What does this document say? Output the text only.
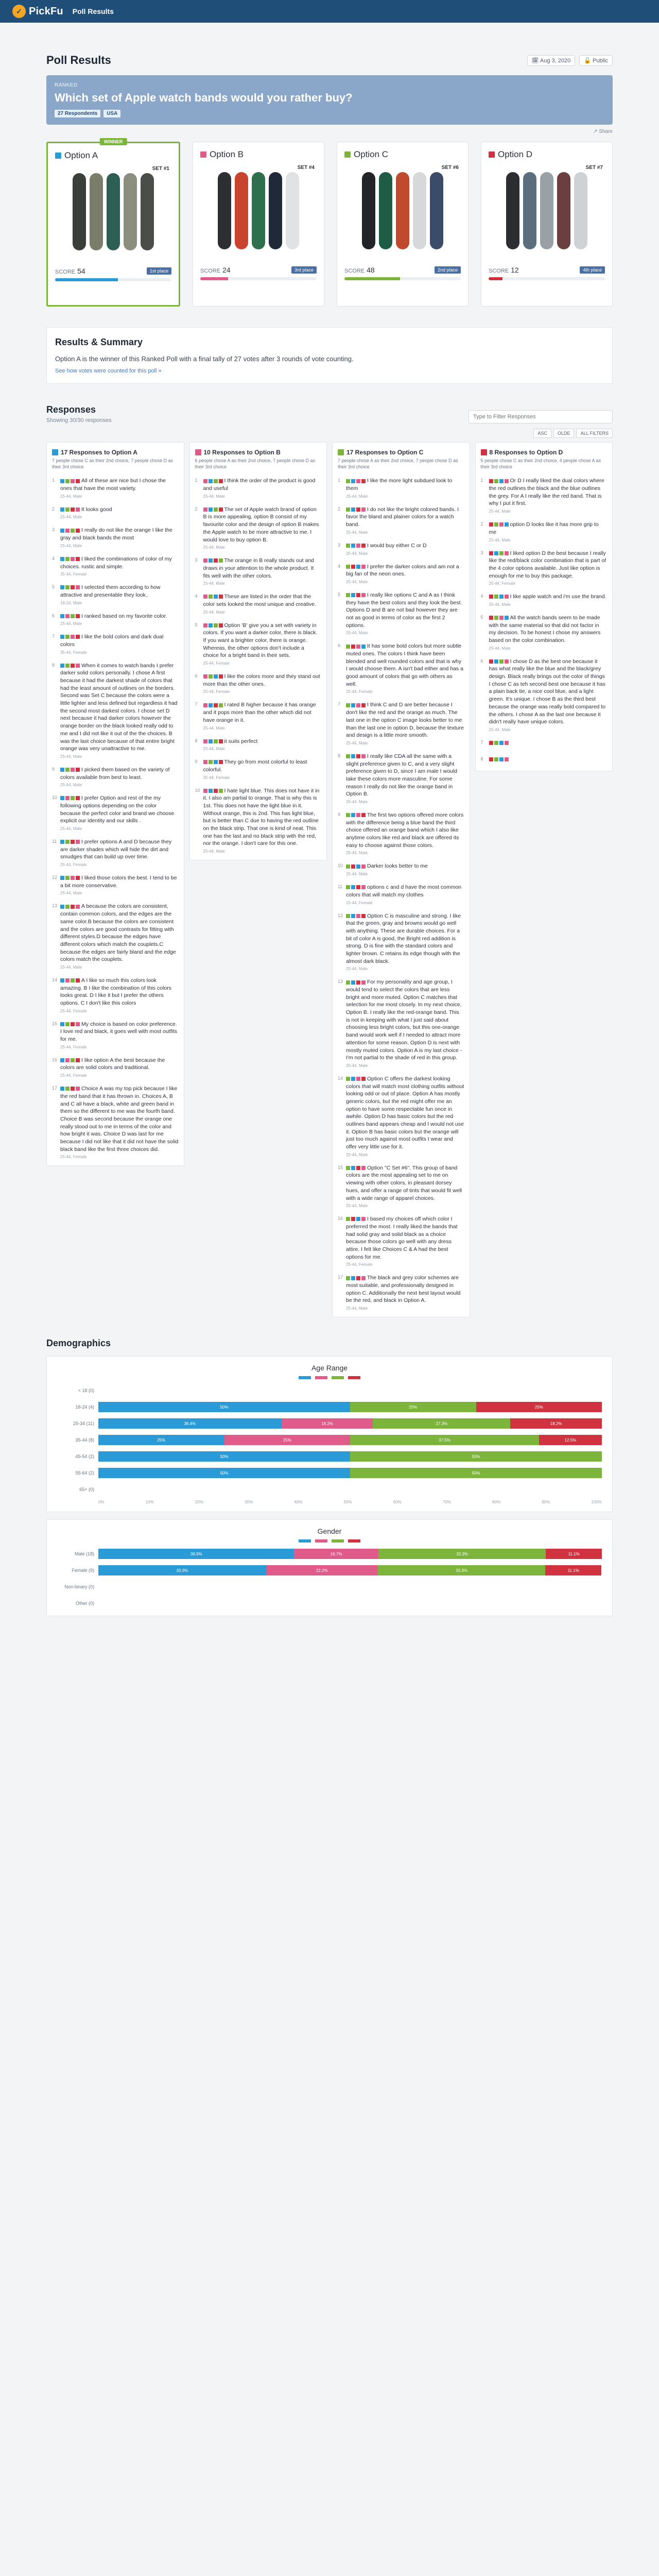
✓ PickFu Poll Results
Poll Results	🗓 Aug 3, 2020	🔓 Public
RANKED
Which set of Apple watch bands would you rather buy?
27 Respondents	USA
↗ Share
WINNER
Option A
SET #1
SCORE 54	1st place
Option B
SET #4
SCORE 24	3rd place
Option C
SET #6
SCORE 48	2nd place
Option D
SET #7
SCORE 12	4th place
Results & Summary
Option A is the winner of this Ranked Poll with a final tally of 27 votes after 3 rounds of vote counting.
See how votes were counted for this poll »
Responses
Showing 30/30 responses
Type to Filter Responses
ASC	OLDE	ALL FILTERS
17 Responses to Option A
7 people chose C as their 2nd choice, 7 people chose D as their 3rd choice
1	All of these are nice but I chose the ones that have the most variety.
25-44, Male
2	It looks good
25-44, Male
3	I really do not like the orange I like the gray and black bands the most
25-44, Male
4	I liked the combinations of color of my choices. rustic and simple.
35-44, Female
5	I selected them according to how attractive and presentable they look..
18-24, Male
6	I ranked based on my favorite color.
25-44, Male
7	I like the bold colors and dark dual colors
35-44, Female
8	When it comes to watch bands I prefer darker solid colors personally. I chose A first because it had the darkest shade of colors that had the least amount of outlines on the borders. Second was Set C because the colors were a little lighter and less defined but regardless it had the second most darkest colors. I chose set D next because it had darker colors however the orange border on the black looked really odd to me and I did not like it out of the the choices. B was the last choice because of that entire bright orange was very unattractive to me.
25-44, Male
9	I picked them based on the variety of colors available from best to least.
25-44, Male
10	I prefer Option and rest of the my following options depending on the color because the perfect color and brand we choose explicit our identity and our skills .
25-44, Male
11	I prefer options A and D because they are darker shades which will hide the dirt and smudges that can build up over time.
25-44, Female
12	I liked those colors the best. I tend to be a bit more conservative.
25-44, Male
13	A because the colors are consistent, contain common colors, and the edges are the same color.B because the colors are consistent and the colors are good contrasts for fitting with different styles.D because the edges have different colors which match the couplets.C because the edges are fairly bland and the edge colors match the couplets.
25-44, Male
14	A I like so much this colors look amazing. B I like the combination of this colors looks great. D I like it but I prefer the others options. C I don't like this colors
25-44, Female
15	My choice is based on color preference. I love red and black, it goes well with most outfits for me.
25-44, Female
16	I like option A the best because the colors are solid colors and traditional.
25-44, Female
17	Choice A was my top pick because I like the red band that it has thrown in. Choices A, B and C all have a black, white and green band in them so the different to me was the fourth band. Choice B was second because the orange one really stood out to me in terms of the color and how bright it was. Choice D was last for me because I did not like that it did not have the solid black band like the first three choices did.
25-44, Female
10 Responses to Option B
6 people chose A as their 2nd choice, 7 people chose D as their 3rd choice
1	I think the order of the product is good and useful
25-44, Male
2	The set of Apple watch brand of option B is more appealing, option B consist of my favourite color and the design of option B makes the Apple watch to be more attractive to me. I would love to buy option B.
25-44, Male
3	The orange in B really stands out and draws in your attention to the whole product. It fits well with the other colors.
25-44, Male
4	These are listed in the order that the color sets looked the most unique and creative.
25-44, Male
5	Option 'B' give you a set with variety in colors. If you want a darker color, there is black. If you want a brighter color, there is orange. Whereas, the other options don't include a choice for a bright band in their sets.
25-44, Female
6	I like the colors more and they stand out more than the other ones.
25-44, Female
7	I rated B higher because it has orange and it pops more than the other which did not have orange in it.
25-44, Male
8	it suits perfect
25-44, Male
9	They go from most colorful to least colorful.
35-44, Female
10	I hate light blue. This does not have it in it. I also am partial to orange. That is why this is 1st. This does not have the light blue in it. Without orange, this is 2nd. This has light blue, but is better than C due to having the red outline on the black strip. That one is kind of neat. This one has the last and no black strip with the red, nor the orange. I don't care for this one.
25-44, Male
17 Responses to Option C
7 people chose A as their 2nd choice, 7 people chose D as their 3rd choice
1	I like the more light subdued look to them
25-44, Male
2	I do not like the bright colored bands. I favor the bland and plainer colors for a watch band.
25-44, Male
3	I would buy either C or D
25-44, Male
4	I prefer the darker colors and am not a big fan of the neon ones.
25-44, Male
5	I really like options C and A as I think they have the best colors and they look the best. Options D and B are not bad however they are not as good in terms of color as the first 2 options.
25-44, Male
6	It has some bold colors but more subtle muted ones. The colors I think have been blended and well rounded colors and that is why I would choose them. A isn't bad either and has a good amount of colors that go with others as well.
25-44, Female
7	I think C and D are better because I don't like the red and the orange as much. The last one in the option C image looks better to me than the last one in option D, because the texture and design is a little more smooth.
25-44, Male
8	I really like CDA all the same with a slight preference given to C, and a very slight preference given to D, since I am male I would take these colors more masculine. For some reason I really do not like the orange band in Option B.
25-44, Male
9	The first two options offered more colors with the difference being a blue band the third choice offered an orange band which I also like anytime colors like red and black are offered its easy to choose against those colors.
25-44, Male
10	Darker looks better to me
25-44, Male
11	options c and d have the most common colors that will match my clothes
25-44, Female
12	Option C is masculine and strong. I like that the green, gray and browns would go well with anything. These are durable choices. For a bit of color A is good, the Bright red addition is strong. D is fine with the standard colors and lighter brown. C retains its edge though with the almost dark black.
25-44, Male
13	For my personality and age group, I would tend to select the colors that are less bright and more muted. Option C matches that selection for me most closely. In my next choice, Option B. I really like the red-orange band. This is not in keeping with what I just said about choosing less bright colors, but this one-orange band would work well if I needed to attract more attention for some reason. Option D is next with mostly muted colors. Option A is my last choice - I'm not partial to the shade of red in this group.
25-44, Male
14	Option C offers the darkest looking colors that will match most clothing outfits without looking odd or out of place. Option A has mostly generic colors, but the red might offer me an option to have some respectable fun once in awhile. Option D has basic colors but the red outlines band appears cheap and I would not use it. Option B has basic colors but the orange will just too much against most outfits I wear and offer very little use for it.
25-44, Male
15	Option "C Set #6". This group of band colors are the most appealing set to me on viewing with other colors, in pleasant dorsey hues, and offer a range of tints that would fit well with a wide range of apparel choices.
25-44, Male
16	I based my choices off which color I preferred the most. I really liked the bands that had solid gray and solid black as a choice because those colors go well with any dress attire. I felt like Choices C & A had the best options for me.
25-44, Female
17	The black and grey color schemes are most suitable, and professionally designed in option C. Additionally the next best layout would be the red, and black in Option A.
25-44, Male
8 Responses to Option D
5 people chose C as their 2nd choice, 4 people chose A as their 3rd choice
1	Or D I really liked the dual colors where the red outlines the black and the blue outlines the grey. For A I really like the red band. That is why I put it first.
25-44, Male
2	option D looks like it has more grip to me
25-44, Male
3	I liked option D the best because I really like the red/black color combination that is part of the 4 color options available. Just like option is enough for me to buy this package.
25-44, Female
4	I like apple watch and i'm use the brand.
25-44, Male
5	All the watch bands seem to be made with the same material so that did not factor in my decision. To be honest I chose my answers based on the color combination.
25-44, Male
6	I chose D as the best one because it has what really like the blue and the black/grey design. Black really brings out the color of things I chose C as teh second best one because it has a plain back tie, a nice cool blue, and a light green. It's unique. I chose B as the third best because the orange was really bold compared to the others. I chose A as the last one because it didn't really have unique colors.
25-44, Male
7
8
Demographics
Age Range
< 18 (0)
18-24 (4)	50%	25%	25%
25-34 (11)	36.4%	18.2%	27.3%	18.2%
35-44 (8)	25%	25%	37.5%	12.5%
45-54 (2)	50%	50%
55-64 (2)	50%	50%
65+ (0)
0%	10%	20%	30%	40%	50%	60%	70%	80%	90%	100%
Gender
Male (18)	38.9%	16.7%	33.3%	11.1%
Female (9)	33.3%	22.2%	33.3%	11.1%
Non-binary (0)
Other (0)
